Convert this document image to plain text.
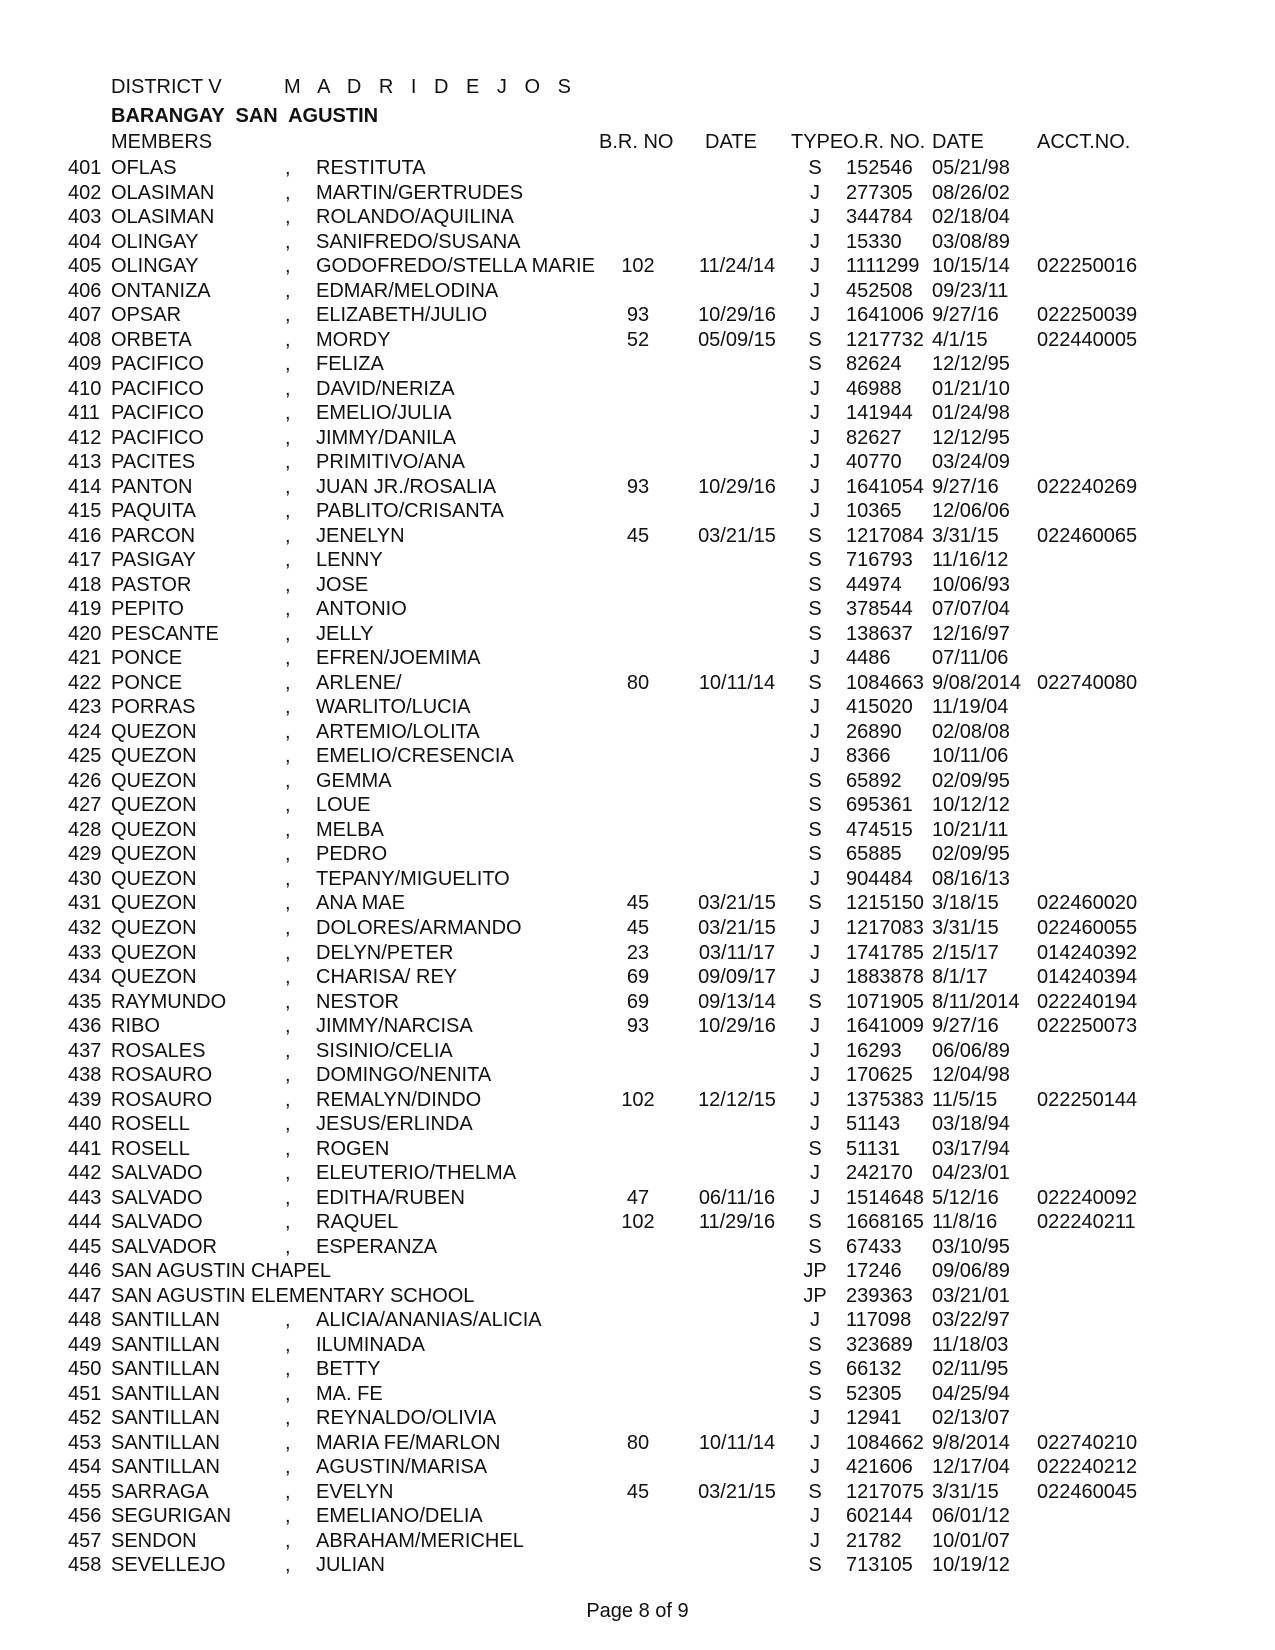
DISTRICT V	M A D R I D E J O S
BARANGAY  SAN  AGUSTIN
MEMBERS	B.R. NO DATE TYPE O.R. NO. DATE	ACCT.NO.
401 OFLAS	, RESTITUTA	S	152546 05/21/98
402 OLASIMAN	, MARTIN/GERTRUDES	J	277305 08/26/02
403 OLASIMAN	, ROLANDO/AQUILINA	J	344784 02/18/04
404 OLINGAY	, SANIFREDO/SUSANA	J	15330 03/08/89
405 OLINGAY	, GODOFREDO/STELLA MARIE	102	11/24/14	J	1111299 10/15/14 022250016
406 ONTANIZA	, EDMAR/MELODINA	J	452508 09/23/11
407 OPSAR	, ELIZABETH/JULIO	93	10/29/16	J	1641006 9/27/16 022250039
408 ORBETA	, MORDY	52	05/09/15	S	1217732 4/1/15 022440005
409 PACIFICO	, FELIZA	S	82624 12/12/95
410 PACIFICO	, DAVID/NERIZA	J	46988 01/21/10
411 PACIFICO	, EMELIO/JULIA	J	141944 01/24/98
412 PACIFICO	, JIMMY/DANILA	J	82627 12/12/95
413 PACITES	, PRIMITIVO/ANA	J	40770 03/24/09
414 PANTON	, JUAN JR./ROSALIA	93	10/29/16	J	1641054 9/27/16 022240269
415 PAQUITA	, PABLITO/CRISANTA	J	10365 12/06/06
416 PARCON	, JENELYN	45	03/21/15	S	1217084 3/31/15 022460065
417 PASIGAY	, LENNY	S	716793 11/16/12
418 PASTOR	, JOSE	S	44974 10/06/93
419 PEPITO	, ANTONIO	S	378544 07/07/04
420 PESCANTE	, JELLY	S	138637 12/16/97
421 PONCE	, EFREN/JOEMIMA	J	4486 07/11/06
422 PONCE	, ARLENE/	80	10/11/14	S	1084663 9/08/2014 022740080
423 PORRAS	, WARLITO/LUCIA	J	415020 11/19/04
424 QUEZON	, ARTEMIO/LOLITA	J	26890 02/08/08
425 QUEZON	, EMELIO/CRESENCIA	J	8366 10/11/06
426 QUEZON	, GEMMA	S	65892 02/09/95
427 QUEZON	, LOUE	S	695361 10/12/12
428 QUEZON	, MELBA	S	474515 10/21/11
429 QUEZON	, PEDRO	S	65885 02/09/95
430 QUEZON	, TEPANY/MIGUELITO	J	904484 08/16/13
431 QUEZON	, ANA MAE	45	03/21/15	S	1215150 3/18/15 022460020
432 QUEZON	, DOLORES/ARMANDO	45	03/21/15	J	1217083 3/31/15 022460055
433 QUEZON	, DELYN/PETER	23	03/11/17	J	1741785 2/15/17 014240392
434 QUEZON	, CHARISA/ REY	69	09/09/17	J	1883878 8/1/17 014240394
435 RAYMUNDO	, NESTOR	69	09/13/14	S	1071905 8/11/2014 022240194
436 RIBO	, JIMMY/NARCISA	93	10/29/16	J	1641009 9/27/16 022250073
437 ROSALES	, SISINIO/CELIA	J	16293 06/06/89
438 ROSAURO	, DOMINGO/NENITA	J	170625 12/04/98
439 ROSAURO	, REMALYN/DINDO	102	12/12/15	J	1375383 11/5/15 022250144
440 ROSELL	, JESUS/ERLINDA	J	51143 03/18/94
441 ROSELL	, ROGEN	S	51131 03/17/94
442 SALVADO	, ELEUTERIO/THELMA	J	242170 04/23/01
443 SALVADO	, EDITHA/RUBEN	47	06/11/16	J	1514648 5/12/16 022240092
444 SALVADO	, RAQUEL	102	11/29/16	S	1668165 11/8/16 022240211
445 SALVADOR	, ESPERANZA	S	67433 03/10/95
446 SAN AGUSTIN CHAPEL	JP 17246 09/06/89
447 SAN AGUSTIN ELEMENTARY SCHOOL	JP 239363 03/21/01
448 SANTILLAN	, ALICIA/ANANIAS/ALICIA	J	117098 03/22/97
449 SANTILLAN	, ILUMINADA	S	323689 11/18/03
450 SANTILLAN	, BETTY	S	66132 02/11/95
451 SANTILLAN	, MA. FE	S	52305 04/25/94
452 SANTILLAN	, REYNALDO/OLIVIA	J	12941 02/13/07
453 SANTILLAN	, MARIA FE/MARLON	80	10/11/14	J	1084662 9/8/2014 022740210
454 SANTILLAN	, AGUSTIN/MARISA	J	421606 12/17/04 022240212
455 SARRAGA	, EVELYN	45	03/21/15	S	1217075 3/31/15 022460045
456 SEGURIGAN	, EMELIANO/DELIA	J	602144 06/01/12
457 SENDON	, ABRAHAM/MERICHEL	J	21782 10/01/07
458 SEVELLEJO	, JULIAN	S	713105 10/19/12
Page 8 of 9
